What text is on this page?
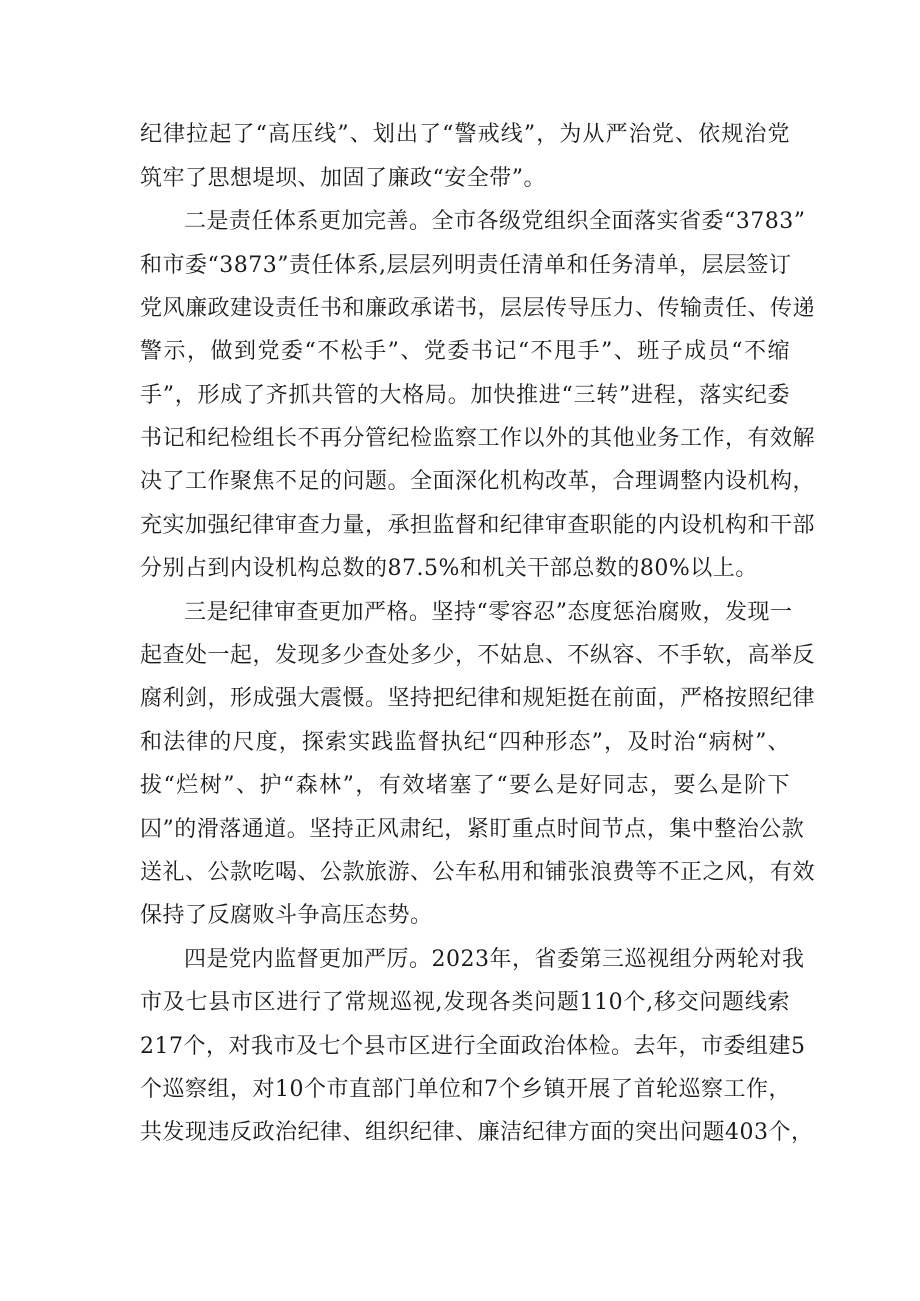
纪律拉起了“高压线”、划出了“警戒线”，为从严治党、依规治党
筑牢了思想堤坝、加固了廉政“安全带”。
二是责任体系更加完善。全市各级党组织全面落实省委“3783”
和市委“3873”责任体系,层层列明责任清单和任务清单，层层签订
党风廉政建设责任书和廉政承诺书，层层传导压力、传输责任、传递
警示，做到党委“不松手”、党委书记“不甩手”、班子成员“不缩
手”，形成了齐抓共管的大格局。加快推进“三转”进程，落实纪委
书记和纪检组长不再分管纪检监察工作以外的其他业务工作，有效解
决了工作聚焦不足的问题。全面深化机构改革，合理调整内设机构，
充实加强纪律审查力量，承担监督和纪律审查职能的内设机构和干部
分别占到内设机构总数的87.5%和机关干部总数的80%以上。
三是纪律审查更加严格。坚持“零容忍”态度惩治腐败，发现一
起查处一起，发现多少查处多少，不姑息、不纵容、不手软，高举反
腐利剑，形成强大震慑。坚持把纪律和规矩挺在前面，严格按照纪律
和法律的尺度，探索实践监督执纪“四种形态”，及时治“病树”、
拔“烂树”、护“森林”，有效堵塞了“要么是好同志，要么是阶下
囚”的滑落通道。坚持正风肃纪，紧盯重点时间节点，集中整治公款
送礼、公款吃喝、公款旅游、公车私用和铺张浪费等不正之风，有效
保持了反腐败斗争高压态势。
四是党内监督更加严厉。2023年，省委第三巡视组分两轮对我
市及七县市区进行了常规巡视,发现各类问题110个,移交问题线索
217个，对我市及七个县市区进行全面政治体检。去年，市委组建5
个巡察组，对10个市直部门单位和7个乡镇开展了首轮巡察工作，
共发现违反政治纪律、组织纪律、廉洁纪律方面的突出问题403个，
